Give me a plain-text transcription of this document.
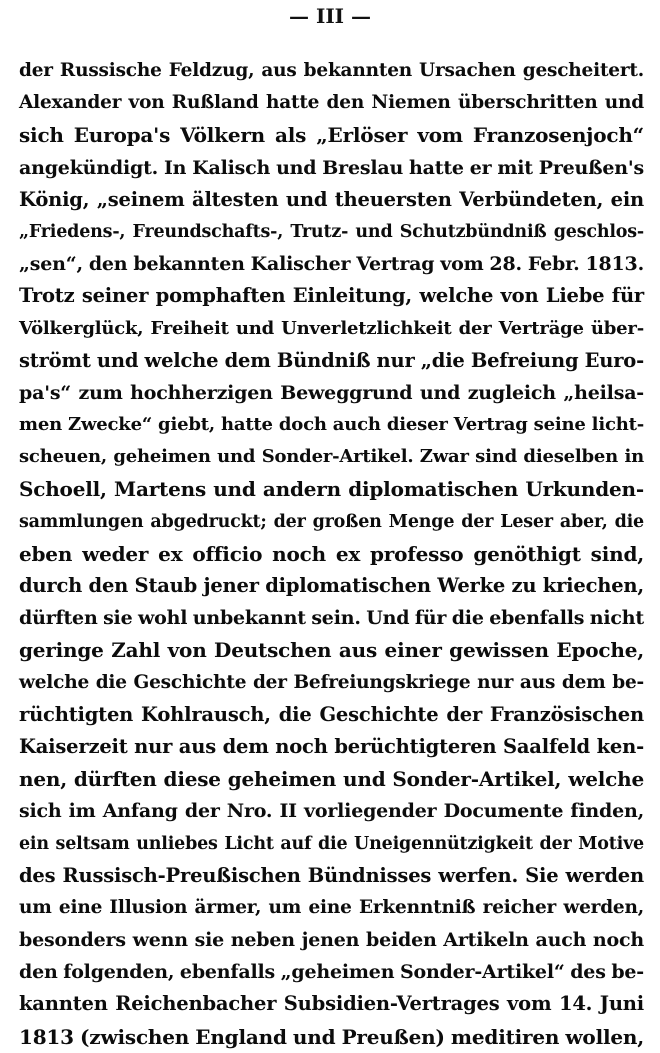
— III —
der Russische Feldzug, aus bekannten Ursachen gescheitert.
Alexander von Rußland hatte den Niemen überschritten und
sich Europa's Völkern als „Erlöser vom Franzosenjoch“
angekündigt. In Kalisch und Breslau hatte er mit Preußen's
König, „seinem ältesten und theuersten Verbündeten, ein
„Friedens-, Freundschafts-, Trutz- und Schutzbündniß geschlos-
„sen“, den bekannten Kalischer Vertrag vom 28. Febr. 1813.
Trotz seiner pomphaften Einleitung, welche von Liebe für
Völkerglück, Freiheit und Unverletzlichkeit der Verträge über-
strömt und welche dem Bündniß nur „die Befreiung Euro-
pa's“ zum hochherzigen Beweggrund und zugleich „heilsa-
men Zwecke“ giebt, hatte doch auch dieser Vertrag seine licht-
scheuen, geheimen und Sonder-Artikel. Zwar sind dieselben in
Schoell, Martens und andern diplomatischen Urkunden-
sammlungen abgedruckt; der großen Menge der Leser aber, die
eben weder ex officio noch ex professo genöthigt sind,
durch den Staub jener diplomatischen Werke zu kriechen,
dürften sie wohl unbekannt sein. Und für die ebenfalls nicht
geringe Zahl von Deutschen aus einer gewissen Epoche,
welche die Geschichte der Befreiungskriege nur aus dem be-
rüchtigten Kohlrausch, die Geschichte der Französischen
Kaiserzeit nur aus dem noch berüchtigteren Saalfeld ken-
nen, dürften diese geheimen und Sonder-Artikel, welche
sich im Anfang der Nro. II vorliegender Documente finden,
ein seltsam unliebes Licht auf die Uneigennützigkeit der Motive
des Russisch-Preußischen Bündnisses werfen. Sie werden
um eine Illusion ärmer, um eine Erkenntniß reicher werden,
besonders wenn sie neben jenen beiden Artikeln auch noch
den folgenden, ebenfalls „geheimen Sonder-Artikel“ des be-
kannten Reichenbacher Subsidien-Vertrages vom 14. Juni
1813 (zwischen England und Preußen) meditiren wollen,
